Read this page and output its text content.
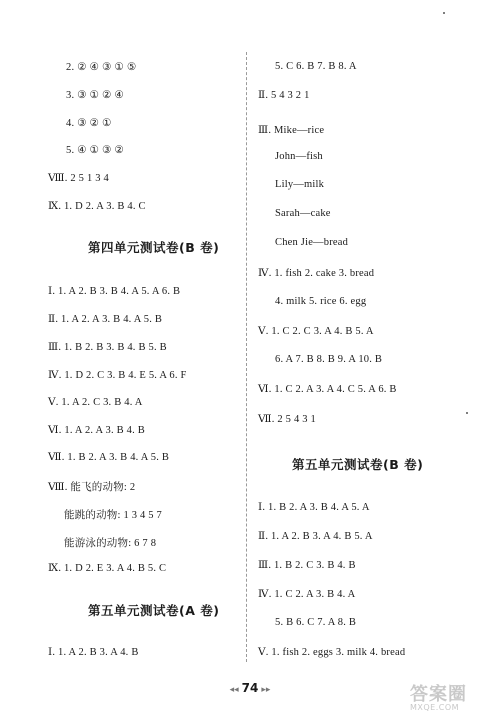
2. ② ④ ③ ① ⑤
3. ③ ① ② ④
4. ③ ② ①
5. ④ ① ③ ②
Ⅷ. 2 5 1 3 4
Ⅸ. 1. D 2. A 3. B 4. C
第四单元测试卷(B 卷)
Ⅰ. 1. A 2. B 3. B 4. A 5. A 6. B
Ⅱ. 1. A 2. A 3. B 4. A 5. B
Ⅲ. 1. B 2. B 3. B 4. B 5. B
Ⅳ. 1. D 2. C 3. B 4. E 5. A 6. F
Ⅴ. 1. A 2. C 3. B 4. A
Ⅵ. 1. A 2. A 3. B 4. B
Ⅶ. 1. B 2. A 3. B 4. A 5. B
Ⅷ. 能飞的动物: 2
能跳的动物: 1 3 4 5 7
能游泳的动物: 6 7 8
Ⅸ. 1. D 2. E 3. A 4. B 5. C
第五单元测试卷(A 卷)
Ⅰ. 1. A 2. B 3. A 4. B
5. C 6. B 7. B 8. A
Ⅱ. 5 4 3 2 1
Ⅲ. Mike—rice
John—fish
Lily—milk
Sarah—cake
Chen Jie—bread
Ⅳ. 1. fish 2. cake 3. bread
4. milk 5. rice 6. egg
Ⅴ. 1. C 2. C 3. A 4. B 5. A
6. A 7. B 8. B 9. A 10. B
Ⅵ. 1. C 2. A 3. A 4. C 5. A 6. B
Ⅶ. 2 5 4 3 1
第五单元测试卷(B 卷)
Ⅰ. 1. B 2. A 3. B 4. A 5. A
Ⅱ. 1. A 2. B 3. A 4. B 5. A
Ⅲ. 1. B 2. C 3. B 4. B
Ⅳ. 1. C 2. A 3. B 4. A
5. B 6. C 7. A 8. B
Ⅴ. 1. fish 2. eggs 3. milk 4. bread
◂◂ 74 ▸▸	答案圈
MXQE.COM
